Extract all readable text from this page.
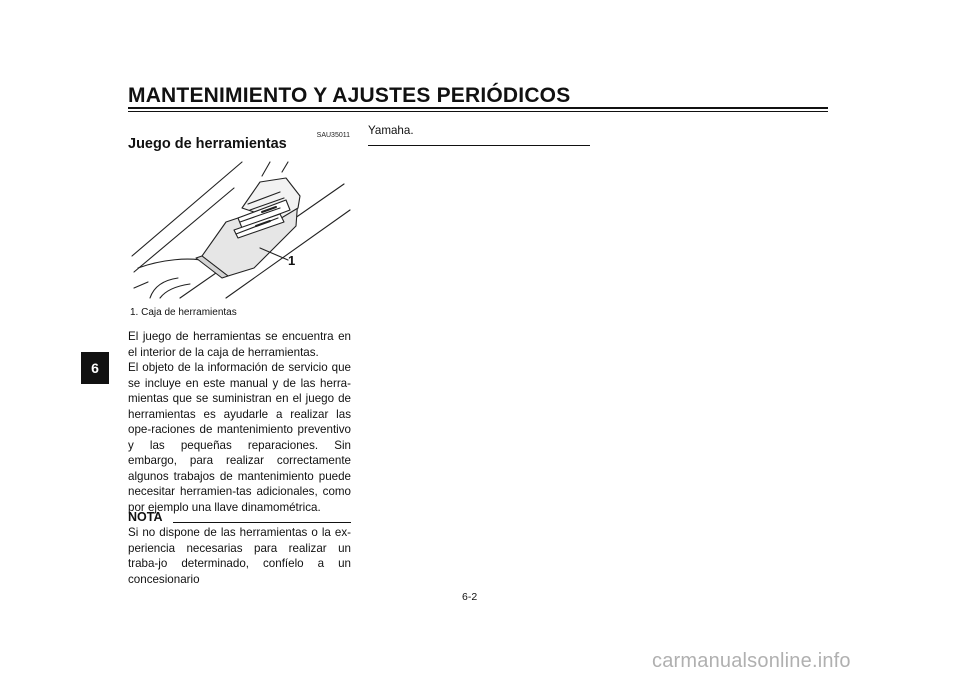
MANTENIMIENTO Y AJUSTES PERIÓDICOS
6
SAU35011
Juego de herramientas
1
1. Caja de herramientas

El juego de herramientas se encuentra en el interior de la caja de herramientas.

El objeto de la información de servicio que se incluye en este manual y de las herra-mientas que se suministran en el juego de herramientas es ayudarle a realizar las ope-raciones de mantenimiento preventivo y las pequeñas reparaciones. Sin embargo, para realizar correctamente algunos trabajos de mantenimiento puede necesitar herramien-tas adicionales, como por ejemplo una llave dinamométrica.

NOTA
Si no dispone de las herramientas o la ex-periencia necesarias para realizar un traba-jo determinado, confíelo a un concesionario
Yamaha.
6-2
carmanualsonline.info
